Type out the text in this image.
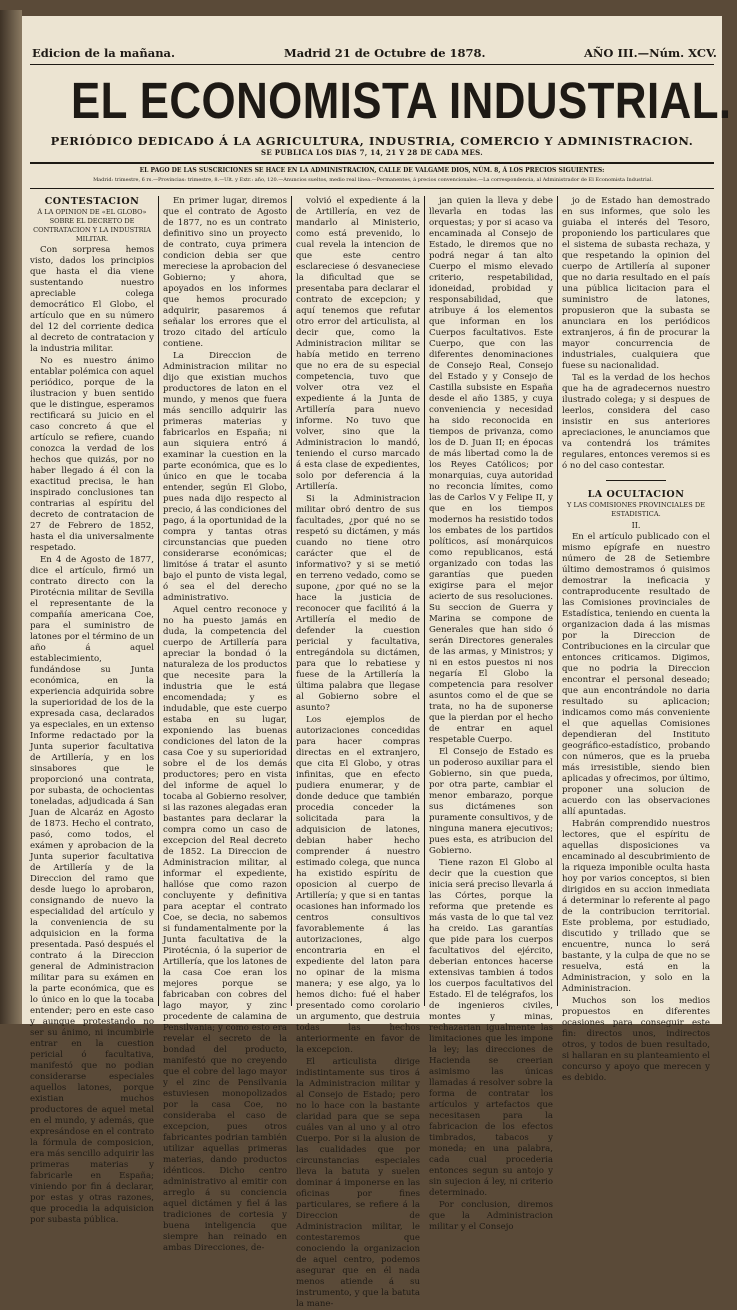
Edicion de la mañana.	Madrid 21 de Octubre de 1878.	AÑO III.—Núm. XCV.
EL ECONOMISTA INDUSTRIAL.
PERIÓDICO DEDICADO Á LA AGRICULTURA, INDUSTRIA, COMERCIO Y ADMINISTRACION.
SE PUBLICA LOS DIAS 7, 14, 21 Y 28 DE CADA MES.
EL PAGO DE LAS SUSCRICIONES SE HACE EN LA ADMINISTRACION, CALLE DE VALGAME DIOS, NÚM. 8, Á LOS PRECIOS SIGUIENTES:
Madrid: trimestre, 6 rs.—Provincias: trimestre, 8.—Ult. y Extr.: año, 120.—Anuncios sueltos, medio real línea.—Permanentes, á precios convencionales.—La correspondencia, al Administrador de El Economista Industrial.

CONTESTACION

Á LA OPINION DE «EL GLOBO» SOBRE EL DECRETO DE CONTRATACION Y LA INDUSTRIA MILITAR.

Con sorpresa hemos visto, dados los principios que hasta el dia viene sustentando nuestro apreciable colega democrático El Globo, el artículo que en su número del 12 del corriente dedica al decreto de contratacion y la industria militar.

No es nuestro ánimo entablar polémica con aquel periódico, porque de la ilustracion y buen sentido que le distingue, esperamos rectificará su juicio en el caso concreto á que el artículo se refiere, cuando conozca la verdad de los hechos que quizás, por no haber llegado á él con la exactitud precisa, le han inspirado conclusiones tan contrarias al espíritu del decreto de contratacion de 27 de Febrero de 1852, hasta el dia universalmente respetado.

En 4 de Agosto de 1877, dice el artículo, firmó un contrato directo con la Pirotécnia militar de Sevilla el representante de la compañía americana Coe, para el suministro de latones por el término de un año á aquel establecimiento, fundándose su Junta económica, en la experiencia adquirida sobre la superioridad de los de la expresada casa, declarados ya especiales, en un extenso Informe redactado por la Junta superior facultativa de Artillería, y en los sinsabores que le proporcionó una contrata, por subasta, de ochocientas toneladas, adjudicada á San Juan de Alcaráz en Agosto de 1873. Hecho el contrato, pasó, como todos, el exámen y aprobacion de la Junta superior facultativa de Artillería y de la Direccion del ramo que desde luego lo aprobaron, consignando de nuevo la especialidad del artículo y la conveniencia de su adquisicion en la forma presentada. Pasó después el contrato á la Direccion general de Administracion militar para su exámen en la parte económica, que es lo único en lo que la tocaba entender; pero en este caso y aunque protestando no ser su ánimo, ni incumbirle entrar en la cuestion pericial ó facultativa, manifestó que no podian considerarse especiales aquellos latones, porque existian muchos productores de aquel metal en el mundo, y además, que expresándose en el contrato la fórmula de composicion, era más sencillo adquirir las primeras materias y fabricarle en España; viniendo por fin á declarar, por estas y otras razones, que procedia la adquisicion por subasta pública.

En primer lugar, diremos que el contrato de Agosto de 1877, no es un contrato definitivo sino un proyecto de contrato, cuya primera condicion debia ser que mereciese la aprobacion del Gobierno; y ahora, apoyados en los informes que hemos procurado adquirir, pasaremos á señalar los errores que el trozo citado del artículo contiene.

La Direccion de Administracion militar no dijo que existian muchos productores de laton en el mundo, y menos que fuera más sencillo adquirir las primeras materias y fabricarlos en España; ni aun siquiera entró á examinar la cuestion en la parte económica, que es lo único en que le tocaba entender, según El Globo, pues nada dijo respecto al precio, á las condiciones del pago, á la oportunidad de la compra y tantas otras circunstancias que pueden considerarse económicas; limitóse á tratar el asunto bajo el punto de vista legal, ó sea el del derecho administrativo.

Aquel centro reconoce y no ha puesto jamás en duda, la competencia del cuerpo de Artillería para apreciar la bondad ó la naturaleza de los productos que necesite para la industria que le está encomendada; y es indudable, que este cuerpo estaba en su lugar, exponiendo las buenas condiciones del laton de la casa Coe y su superioridad sobre el de los demás productores; pero en vista del informe de aquel lo tocaba al Gobierno resolver, si las razones alegadas eran bastantes para declarar la compra como un caso de excepcion del Real decreto de 1852. La Direccion de Administracion militar, al informar el expediente, hallóse que como razon concluyente y definitiva para aceptar el contrato Coe, se decia, no sabemos si fundamentalmente por la Junta facultativa de la Pirotécnia, ó la superior de Artillería, que los latones de la casa Coe eran los mejores porque se fabricaban con cobres del lago mayor, y zinc procedente de calamina de Pensilvania; y como esto era revelar el secreto de la bondad del producto, manifestó que no creyendo que el cobre del lago mayor y el zinc de Pensilvania estuviesen monopolizados por la casa Coe, no consideraba el caso de excepcion, pues otros fabricantes podrian también utilizar aquellas primeras materias, dando productos idénticos. Dicho centro administrativo al emitir con arreglo á su conciencia aquel dictámen y fiel á las tradiciones de cortesia y buena inteligencia que siempre han reinado en ambas Direcciones, de-

volvió el expediente á la de Artillería, en vez de mandarlo al Ministerio, como está prevenido, lo cual revela la intencion de que este centro esclareciese ó desvaneciese la dificultad que se presentaba para declarar el contrato de excepcion; y aquí tenemos que refutar otro error del articulista, al decir que, como la Administracion militar se había metido en terreno que no era de su especial competencia, tuvo que volver otra vez el expediente á la Junta de Artillería para nuevo informe. No tuvo que volver, sino que la Administracion lo mandó, teniendo el curso marcado á esta clase de expedientes, solo por deferencia á la Artillería.

Si la Administracion militar obró dentro de sus facultades, ¿por qué no se respetó su dictámen, y más cuando no tiene otro carácter que el de informativo? y si se metió en terreno vedado, como se supone, ¿por qué no se la hace la justicia de reconocer que facilitó á la Artillería el medio de defender la cuestion pericial y facultativa, entregándola su dictámen, para que lo rebatiese y fuese de la Artillería la última palabra que llegase al Gobierno sobre el asunto?

Los ejemplos de autorizaciones concedidas para hacer compras directas en el extranjero, que cita El Globo, y otras infinitas, que en efecto pudiera enumerar, y de donde deduce que también procedia conceder la solicitada para la adquisicion de latones, debian haber hecho comprender á nuestro estimado colega, que nunca ha existido espíritu de oposicion al cuerpo de Artillería; y que si en tantas ocasiones han informado los centros consultivos favorablemente á las autorizaciones, algo encontraria en el expediente del laton para no opinar de la misma manera; y ese algo, ya lo hemos dicho: fué el haber presentado como corolario un argumento, que destruia todas las hechos anteriormente en favor de la excepcion.

El articulista dirige indistintamente sus tiros á la Administracion militar y al Consejo de Estado; pero no lo hace con la bastante claridad para que se sepa cuáles van al uno y al otro Cuerpo. Por si la alusion de las cualidades que por circunstancias especiales lleva la batuta y suelen dominar á imponerse en las oficinas por fines particulares, se refiere á la Direccion de Administracion militar, le contestaremos que conociendo la organizacion de aquel centro, podemos asegurar que en él nada menos atiende á su instrumento, y que la batuta la mane-

jan quien la lleva y debe llevarla en todas las orquestas; y por si acaso va encaminada al Consejo de Estado, le diremos que no podrá negar á tan alto Cuerpo el mismo elevado criterio, respetabilidad, idoneidad, probidad y responsabilidad, que atribuye á los elementos que informan en los Cuerpos facultativos. Este Cuerpo, que con las diferentes denominaciones de Consejo Real, Consejo del Estado y y Consejo de Castilla subsiste en España desde el año 1385, y cuya conveniencia y necesidad ha sido reconocida en tiempos de privanza, como los de D. Juan II; en épocas de más libertad como la de los Reyes Católicos; por monarquias, cuya autoridad no reconcia límites, como las de Carlos V y Felipe II, y que en los tiempos modernos ha resistido todos los embates de los partidos políticos, así monárquicos como republicanos, está organizado con todas las garantías que pueden exigirse para el mejor acierto de sus resoluciones. Su seccion de Guerra y Marina se compone de Generales que han sido ó serán Directores generales de las armas, y Ministros; y ni en estos puestos ni nos negaría El Globo la competencia para resolver asuntos como el de que se trata, no ha de suponerse que la pierdan por el hecho de entrar en aquel respetable Cuerpo.

El Consejo de Estado es un poderoso auxiliar para el Gobierno, sin que pueda, por otra parte, cambiar el menor embarazo, porque sus dictámenes son puramente consultivos, y de ninguna manera ejecutivos; pues esta, es atribucion del Gobierno.

Tiene razon El Globo al decir que la cuestion que inicia será preciso llevarla á las Córtes, porque la reforma que pretende es más vasta de lo que tal vez ha creido. Las garantías que pide para los cuerpos facultativos del ejército, deberian entonces hacerse extensivas tambien á todos los cuerpos facultativos del Estado. El de telégrafos, los de ingenieros civiles, montes y minas, rechazarian igualmente las limitaciones que les impone la ley; las direcciones de Hacienda se creerian asimismo las únicas llamadas á resolver sobre la forma de contratar los artículos y artefactos que necesitasen para la fabricacion de los efectos timbrados, tabacos y moneda; en una palabra, cada cual procederia entonces segun su antojo y sin sujecion á ley, ni criterio determinado.

Por conclusion, diremos que la Administracion militar y el Consejo

jo de Estado han demostrado en sus informes, que solo les guiaba el interés del Tesoro, proponiendo los particulares que el sistema de subasta rechaza, y que respetando la opinion del cuerpo de Artillería al suponer que no daria resultado en el país una pública licitacion para el suministro de latones, propusieron que la subasta se anunciara en los periódicos extranjeros, á fin de procurar la mayor concurrencia de industriales, cualquiera que fuese su nacionalidad.

Tal es la verdad de los hechos que ha de agradecernos nuestro ilustrado colega; y si despues de leerlos, considera del caso insistir en sus anteriores apreciaciones, le anunciamos que va contendrá los trámites regulares, entonces veremos si es ó no del caso contestar.

LA OCULTACION

Y LAS COMISIONES PROVINCIALES DE ESTADISTICA.

II.

En el artículo publicado con el mismo epígrafe en nuestro número de 28 de Setiembre último demostramos ó quisimos demostrar la ineficacia y contraproducente resultado de las Comisiones provinciales de Estadística, teniendo en cuenta la organizacion dada á las mismas por la Direccion de Contribuciones en la circular que entonces criticamos. Digimos, que no podria la Direccion encontrar el personal deseado; que aun encontrándole no daria resultado su aplicacion; indicamos como más conveniente el que aquellas Comisiones dependieran del Instituto geográfico-estadístico, probando con números, que es la prueba más irresistible, siendo bien aplicadas y ofrecimos, por último, proponer una solucion de acuerdo con las observaciones allí apuntadas.

Habrán comprendido nuestros lectores, que el espíritu de aquellas disposiciones va encaminado al descubrimiento de la riqueza imponible oculta hasta hoy por varios conceptos, si bien dirigidos en su accion inmediata á determinar lo referente al pago de la contribucion territorial. Este problema, por estudiado, discutido y trillado que se encuentre, nunca lo será bastante, y la culpa de que no se resuelva, está en la Administracion, y solo en la Administracion.

Muchos son los medios propuestos en diferentes ocasiones para conseguir este fin: directos unos, indirectos otros, y todos de buen resultado, si hallaran en su planteamiento el concurso y apoyo que merecen y es debido.
